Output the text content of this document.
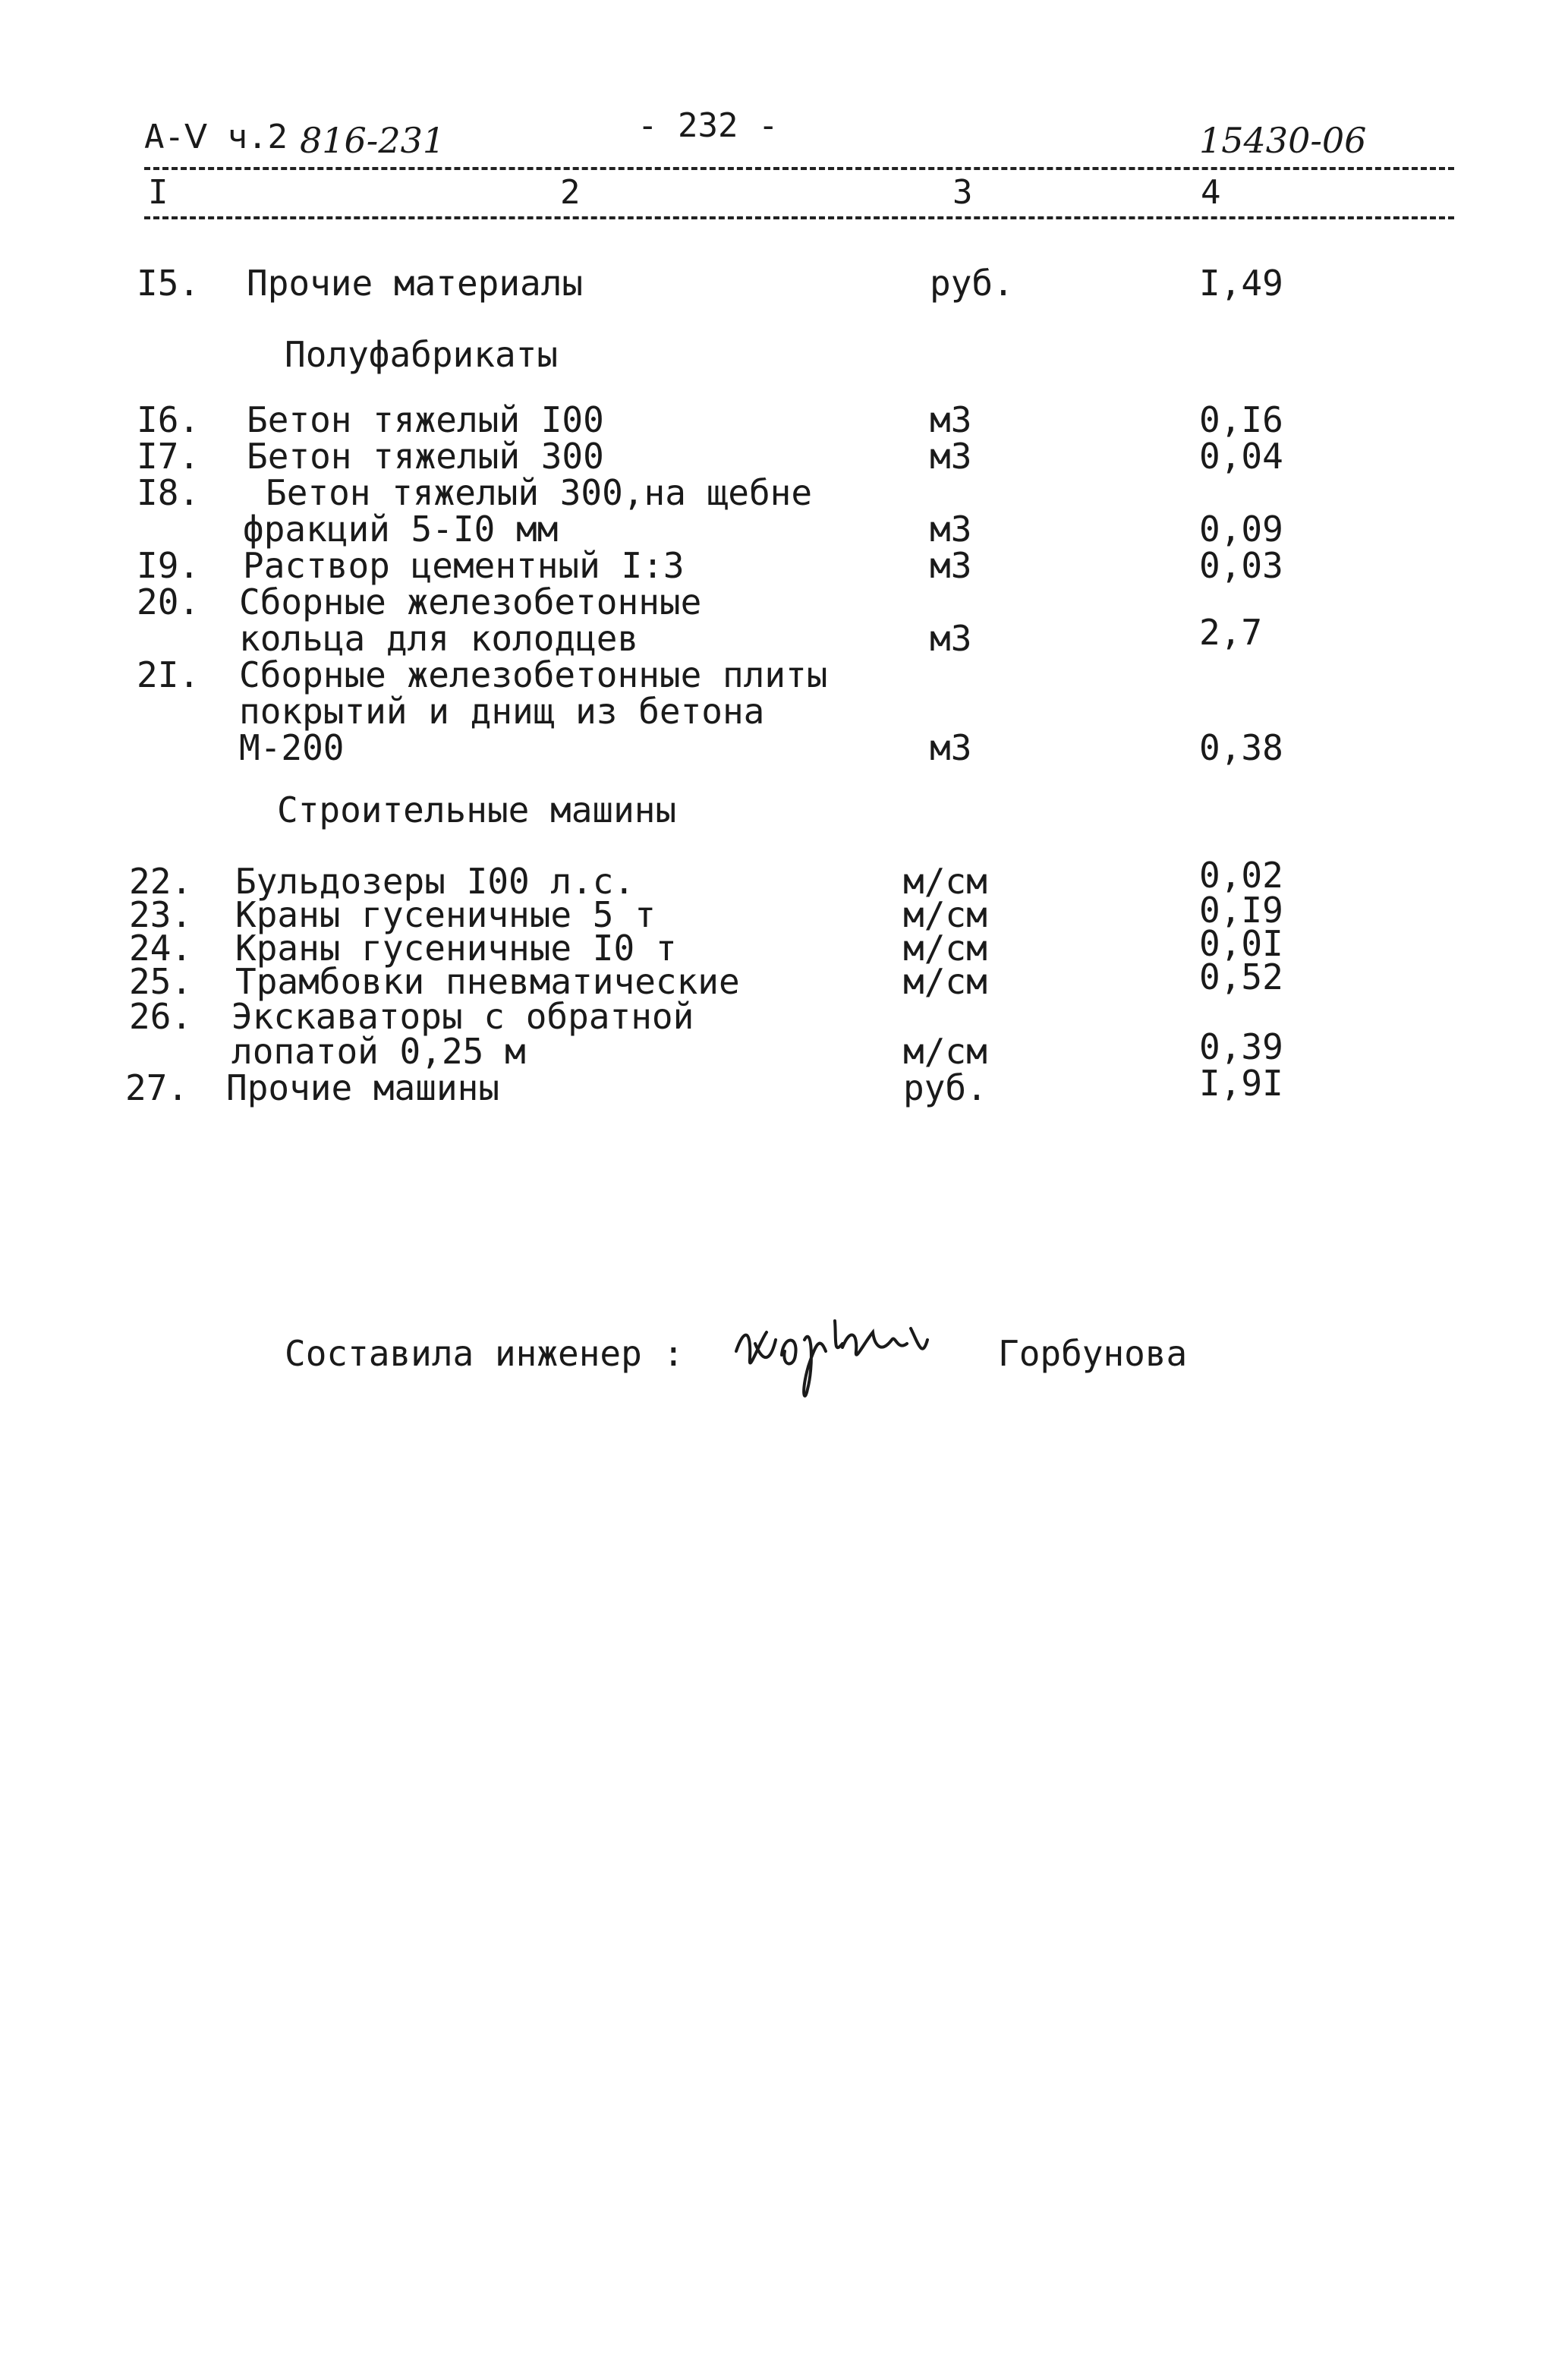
А-Ⅴ ч.2 816-231	- 232 -	15430-06
I	2	3	4
I5. Прочие материалы	руб.	I,49
Полуфабрикаты
I6. Бетон тяжелый I00	м3	0,I6
I7. Бетон тяжелый 300	м3	0,04
I8. Бетон тяжелый 300,на щебне
фракций 5-I0 мм	м3	0,09
I9. Раствор цементный I:3	м3	0,03
20. Сборные железобетонные
кольца для колодцев	м3	2,7
2I. Сборные железобетонные плиты
покрытий и днищ из бетона
М-200	м3	0,38
Строительные машины
22. Бульдозеры I00 л.с.	м/см	0,02
23. Краны гусеничные 5 т	м/см	0,I9
24. Краны гусеничные I0 т	м/см	0,0I
25. Трамбовки пневматические	м/см	0,52
26. Экскаваторы с обратной
лопатой 0,25 м	м/см	0,39
27. Прочие машины	руб.	I,9I
Составила инженер :	Горбунова
